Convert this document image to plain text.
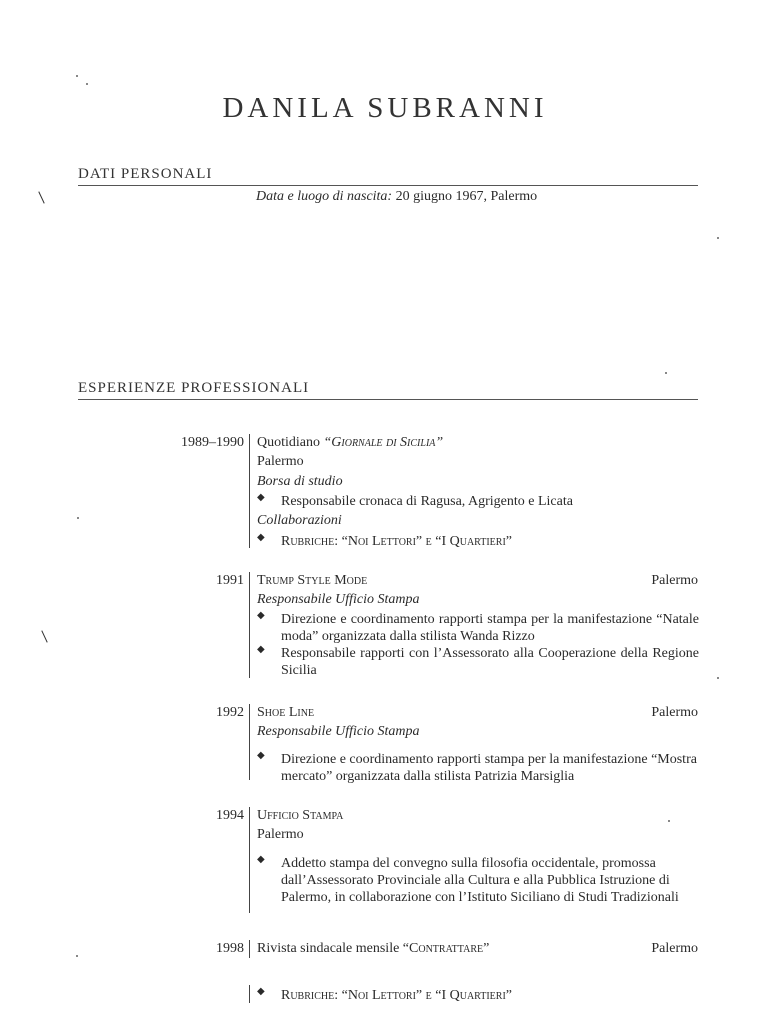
DANILA SUBRANNI
DATI PERSONALI
Data e luogo di nascita: 20 giugno 1967, Palermo
ESPERIENZE PROFESSIONALI
1989–1990 Quotidiano “Giornale di Sicilia”
Palermo
Borsa di studio
◆ Responsabile cronaca di Ragusa, Agrigento e Licata
Collaborazioni
◆ Rubriche: “Noi Lettori” e “I Quartieri”
1991 Trump Style Mode	Palermo
Responsabile Ufficio Stampa
◆ Direzione e coordinamento rapporti stampa per la manifestazione “Natale moda” organizzata dalla stilista Wanda Rizzo
◆ Responsabile rapporti con l’Assessorato alla Cooperazione della Regione Sicilia
1992 Shoe Line	Palermo
Responsabile Ufficio Stampa
◆ Direzione e coordinamento rapporti stampa per la manifestazione “Mostra mercato” organizzata dalla stilista Patrizia Marsiglia
1994 Ufficio Stampa
Palermo
◆ Addetto stampa del convegno sulla filosofia occidentale, promossa dall’Assessorato Provinciale alla Cultura e alla Pubblica Istruzione di Palermo, in collaborazione con l’Istituto Siciliano di Studi Tradizionali
1998 Rivista sindacale mensile “Contrattare”	Palermo
◆ Rubriche: “Noi Lettori” e “I Quartieri”
